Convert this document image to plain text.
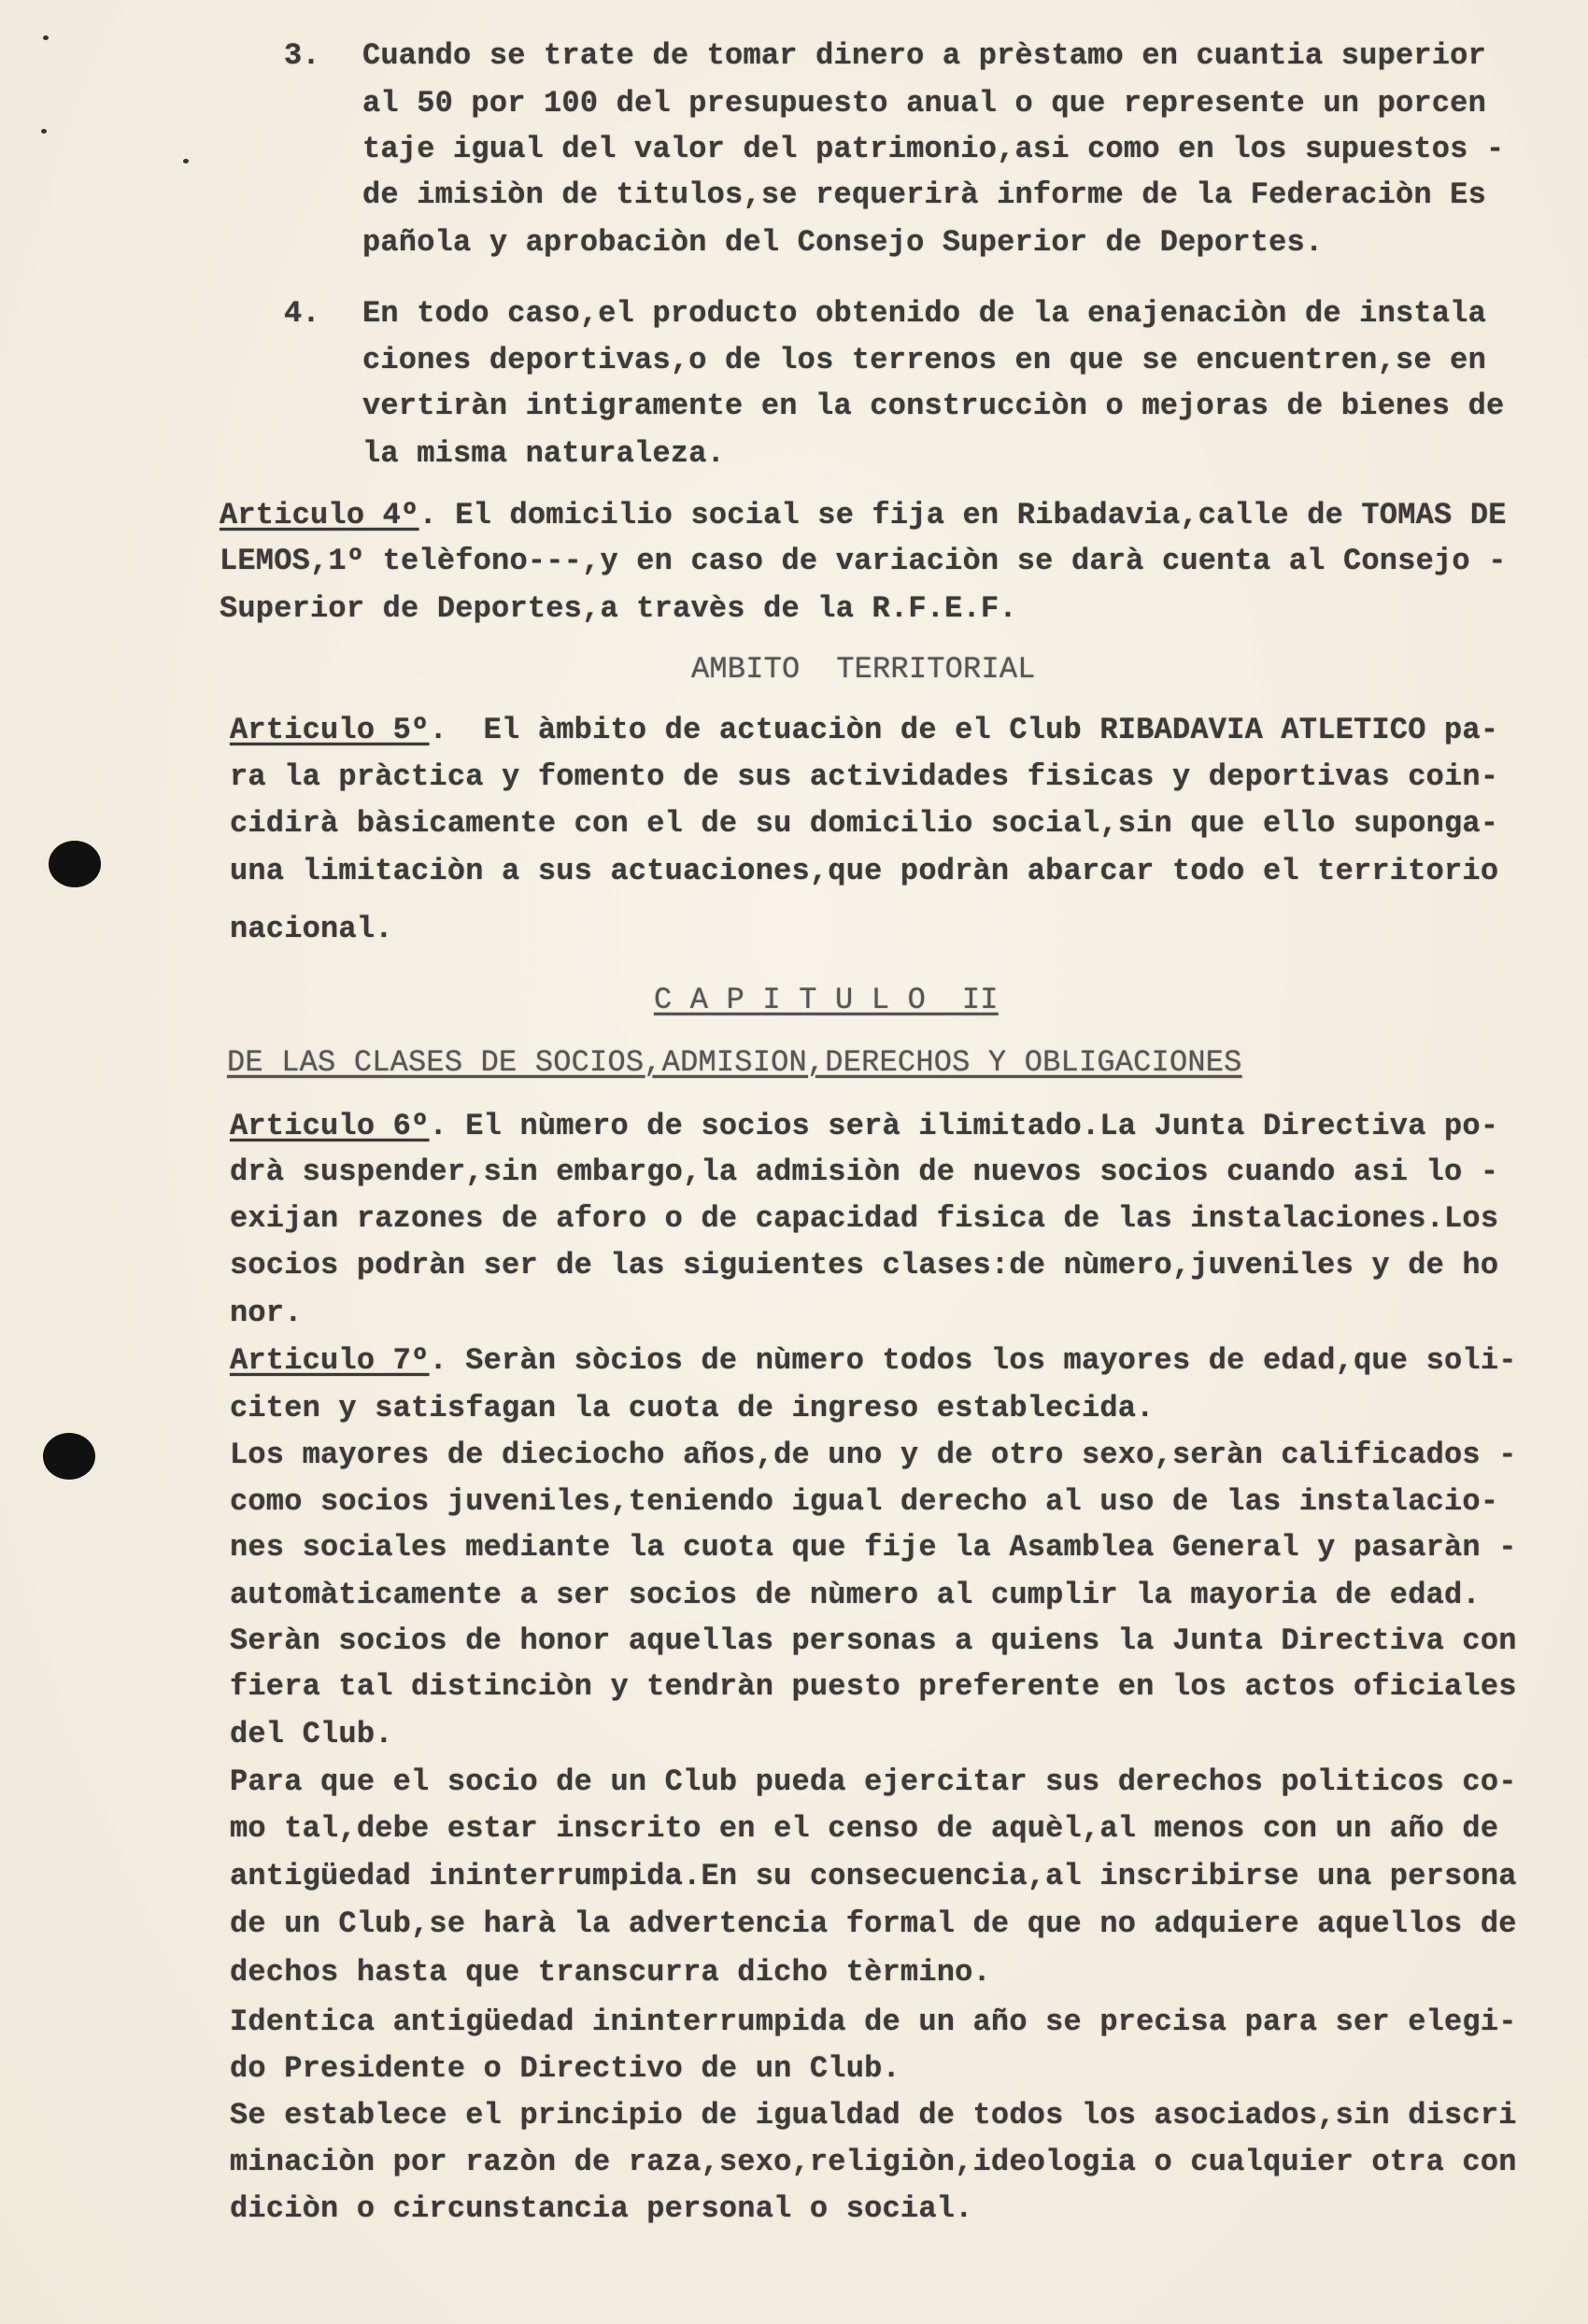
3. Cuando se trate de tomar dinero a prèstamo en cuantia superior
al 50 por 100 del presupuesto anual o que represente un porcen
taje igual del valor del patrimonio,asi como en los supuestos -
de imisiòn de titulos,se requerirà informe de la Federaciòn Es
pañola y aprobaciòn del Consejo Superior de Deportes.
4. En todo caso,el producto obtenido de la enajenaciòn de instala
ciones deportivas,o de los terrenos en que se encuentren,se en
vertiràn intigramente en la construcciòn o mejoras de bienes de
la misma naturaleza.
Articulo 4º. El domicilio social se fija en Ribadavia,calle de TOMAS DE
LEMOS,1º telèfono---,y en caso de variaciòn se darà cuenta al Consejo -
Superior de Deportes,a travès de la R.F.E.F.
AMBITO  TERRITORIAL
Articulo 5º.  El àmbito de actuaciòn de el Club RIBADAVIA ATLETICO pa-
ra la pràctica y fomento de sus actividades fisicas y deportivas coin-
cidirà bàsicamente con el de su domicilio social,sin que ello suponga-
una limitaciòn a sus actuaciones,que podràn abarcar todo el territorio
nacional.
C A P I T U L O  II
DE LAS CLASES DE SOCIOS,ADMISION,DERECHOS Y OBLIGACIONES
Articulo 6º. El nùmero de socios serà ilimitado.La Junta Directiva po-
drà suspender,sin embargo,la admisiòn de nuevos socios cuando asi lo -
exijan razones de aforo o de capacidad fisica de las instalaciones.Los
socios podràn ser de las siguientes clases:de nùmero,juveniles y de ho
nor.
Articulo 7º. Seràn sòcios de nùmero todos los mayores de edad,que soli-
citen y satisfagan la cuota de ingreso establecida.
Los mayores de dieciocho años,de uno y de otro sexo,seràn calificados -
como socios juveniles,teniendo igual derecho al uso de las instalacio-
nes sociales mediante la cuota que fije la Asamblea General y pasaràn -
automàticamente a ser socios de nùmero al cumplir la mayoria de edad.
Seràn socios de honor aquellas personas a quiens la Junta Directiva con
fiera tal distinciòn y tendràn puesto preferente en los actos oficiales
del Club.
Para que el socio de un Club pueda ejercitar sus derechos politicos co-
mo tal,debe estar inscrito en el censo de aquèl,al menos con un año de
antigüedad ininterrumpida.En su consecuencia,al inscribirse una persona
de un Club,se harà la advertencia formal de que no adquiere aquellos de
dechos hasta que transcurra dicho tèrmino.
Identica antigüedad ininterrumpida de un año se precisa para ser elegi-
do Presidente o Directivo de un Club.
Se establece el principio de igualdad de todos los asociados,sin discri
minaciòn por razòn de raza,sexo,religiòn,ideologia o cualquier otra con
diciòn o circunstancia personal o social.
